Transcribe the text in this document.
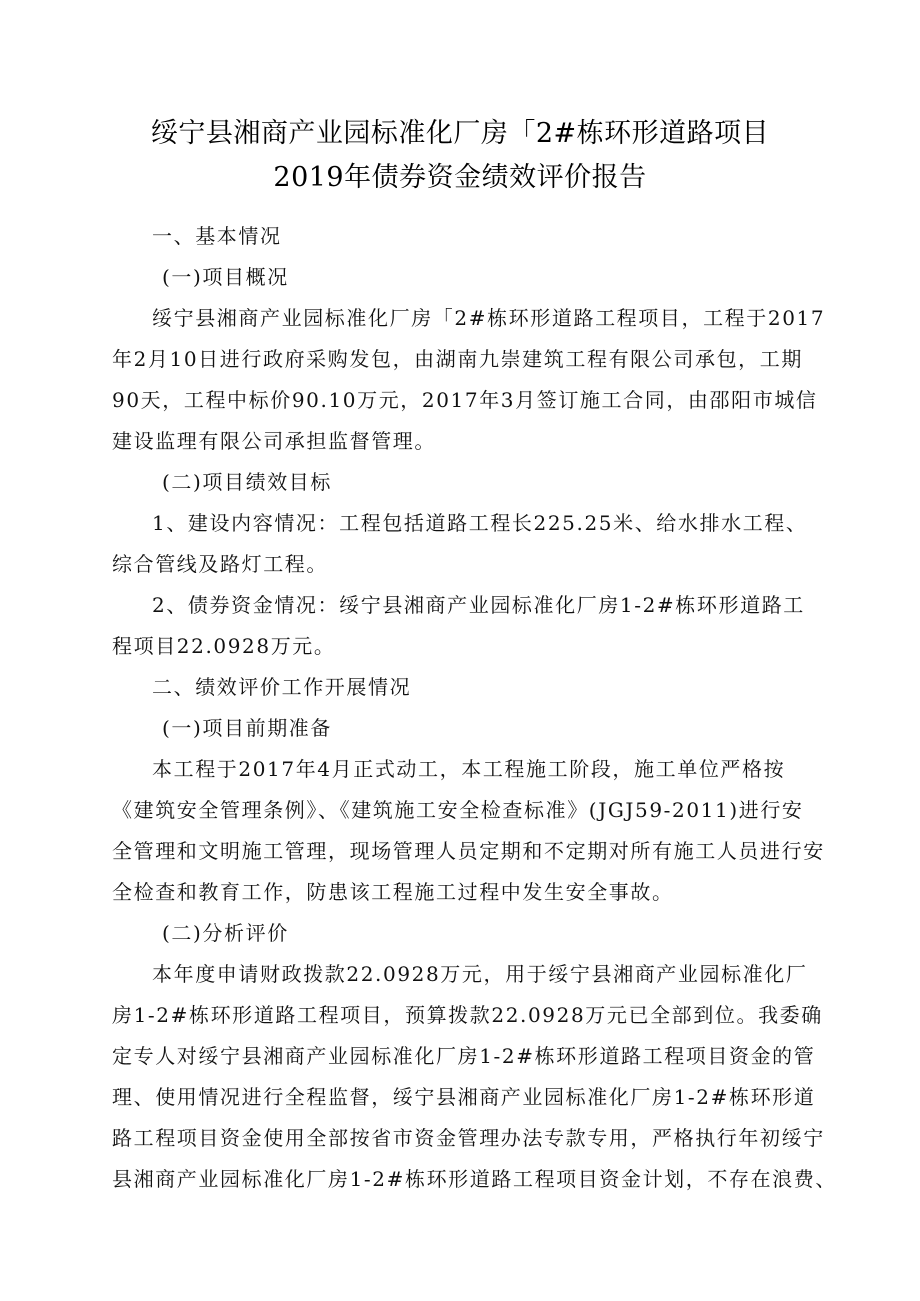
绥宁县湘商产业园标准化厂房「2#栋环形道路项目
2019年债券资金绩效评价报告
一、基本情况
(一)项目概况
绥宁县湘商产业园标准化厂房「2#栋环形道路工程项目，工程于2017
年2月10日进行政府采购发包，由湖南九崇建筑工程有限公司承包，工期
90天，工程中标价90.10万元，2017年3月签订施工合同，由邵阳市城信
建设监理有限公司承担监督管理。
(二)项目绩效目标
1、建设内容情况：工程包括道路工程长225.25米、给水排水工程、
综合管线及路灯工程。
2、债券资金情况：绥宁县湘商产业园标准化厂房1-2#栋环形道路工
程项目22.0928万元。
二、绩效评价工作开展情况
(一)项目前期准备
本工程于2017年4月正式动工，本工程施工阶段，施工单位严格按
《建筑安全管理条例》、《建筑施工安全检查标准》(JGJ59-2011)进行安
全管理和文明施工管理，现场管理人员定期和不定期对所有施工人员进行安
全检查和教育工作，防患该工程施工过程中发生安全事故。
(二)分析评价
本年度申请财政拨款22.0928万元，用于绥宁县湘商产业园标准化厂
房1-2#栋环形道路工程项目，预算拨款22.0928万元已全部到位。我委确
定专人对绥宁县湘商产业园标准化厂房1-2#栋环形道路工程项目资金的管
理、使用情况进行全程监督，绥宁县湘商产业园标准化厂房1-2#栋环形道
路工程项目资金使用全部按省市资金管理办法专款专用，严格执行年初绥宁
县湘商产业园标准化厂房1-2#栋环形道路工程项目资金计划，不存在浪费、
